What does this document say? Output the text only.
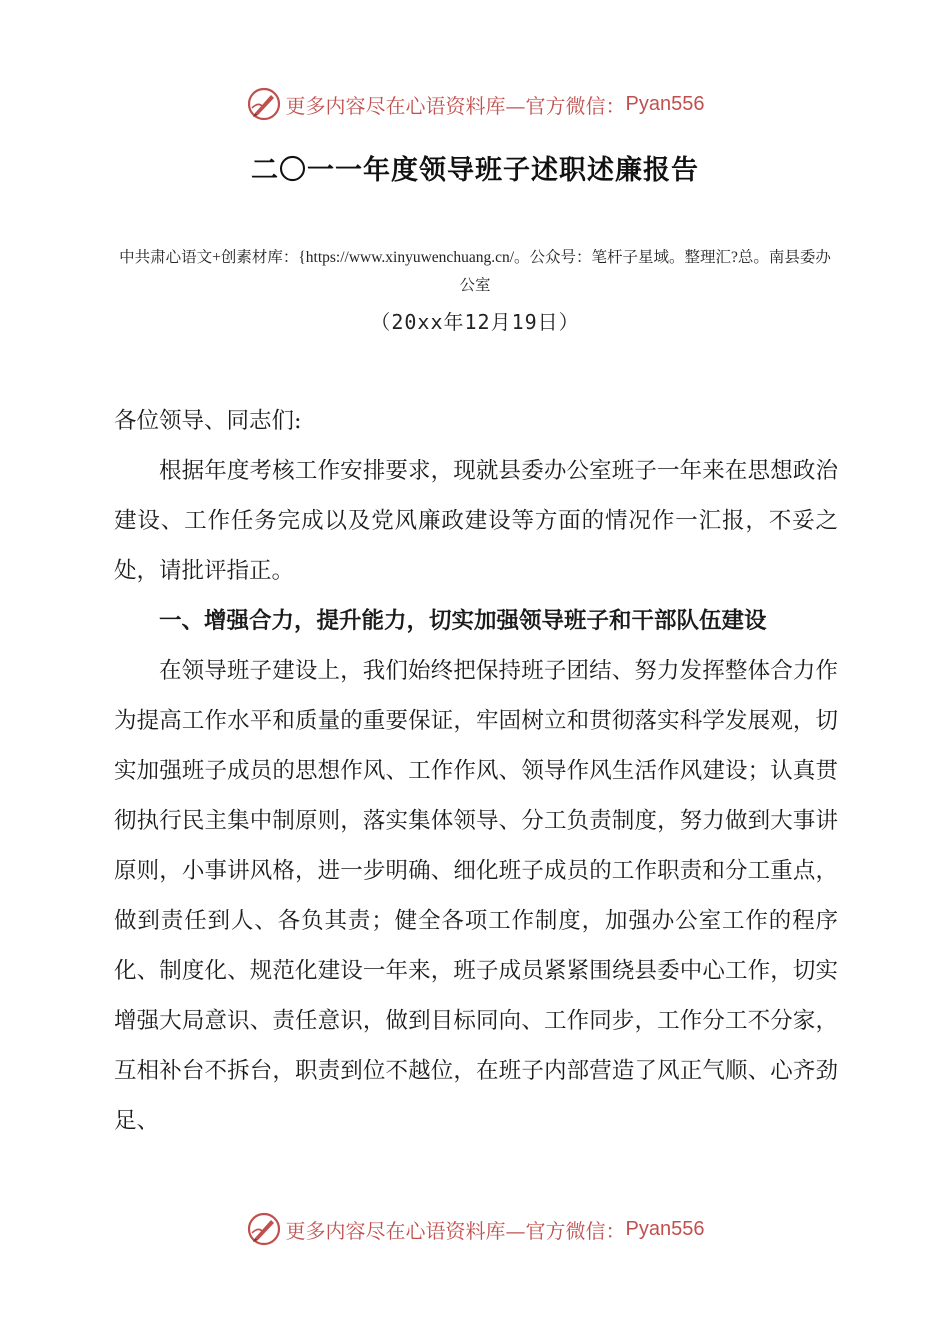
更多内容尽在心语资料库—官方微信： Pyan556
二〇一一年度领导班子述职述廉报告
中共肃心语文+创素材库：{https://www.xinyuwenchuang.cn/。公众号：笔杆子星域。整理汇?总。南县委办公室
（20xx年12月19日）

各位领导、同志们:

根据年度考核工作安排要求，现就县委办公室班子一年来在思想政治建设、工作任务完成以及党风廉政建设等方面的情况作一汇报，不妥之处，请批评指正。

一、增强合力，提升能力，切实加强领导班子和干部队伍建设

在领导班子建设上，我们始终把保持班子团结、努力发挥整体合力作为提高工作水平和质量的重要保证，牢固树立和贯彻落实科学发展观，切实加强班子成员的思想作风、工作作风、领导作风生活作风建设；认真贯彻执行民主集中制原则，落实集体领导、分工负责制度，努力做到大事讲原则，小事讲风格，进一步明确、细化班子成员的工作职责和分工重点，做到责任到人、各负其责；健全各项工作制度，加强办公室工作的程序化、制度化、规范化建设一年来，班子成员紧紧围绕县委中心工作，切实增强大局意识、责任意识，做到目标同向、工作同步，工作分工不分家，互相补台不拆台，职责到位不越位，在班子内部营造了风正气顺、心齐劲足、

更多内容尽在心语资料库—官方微信： Pyan556
